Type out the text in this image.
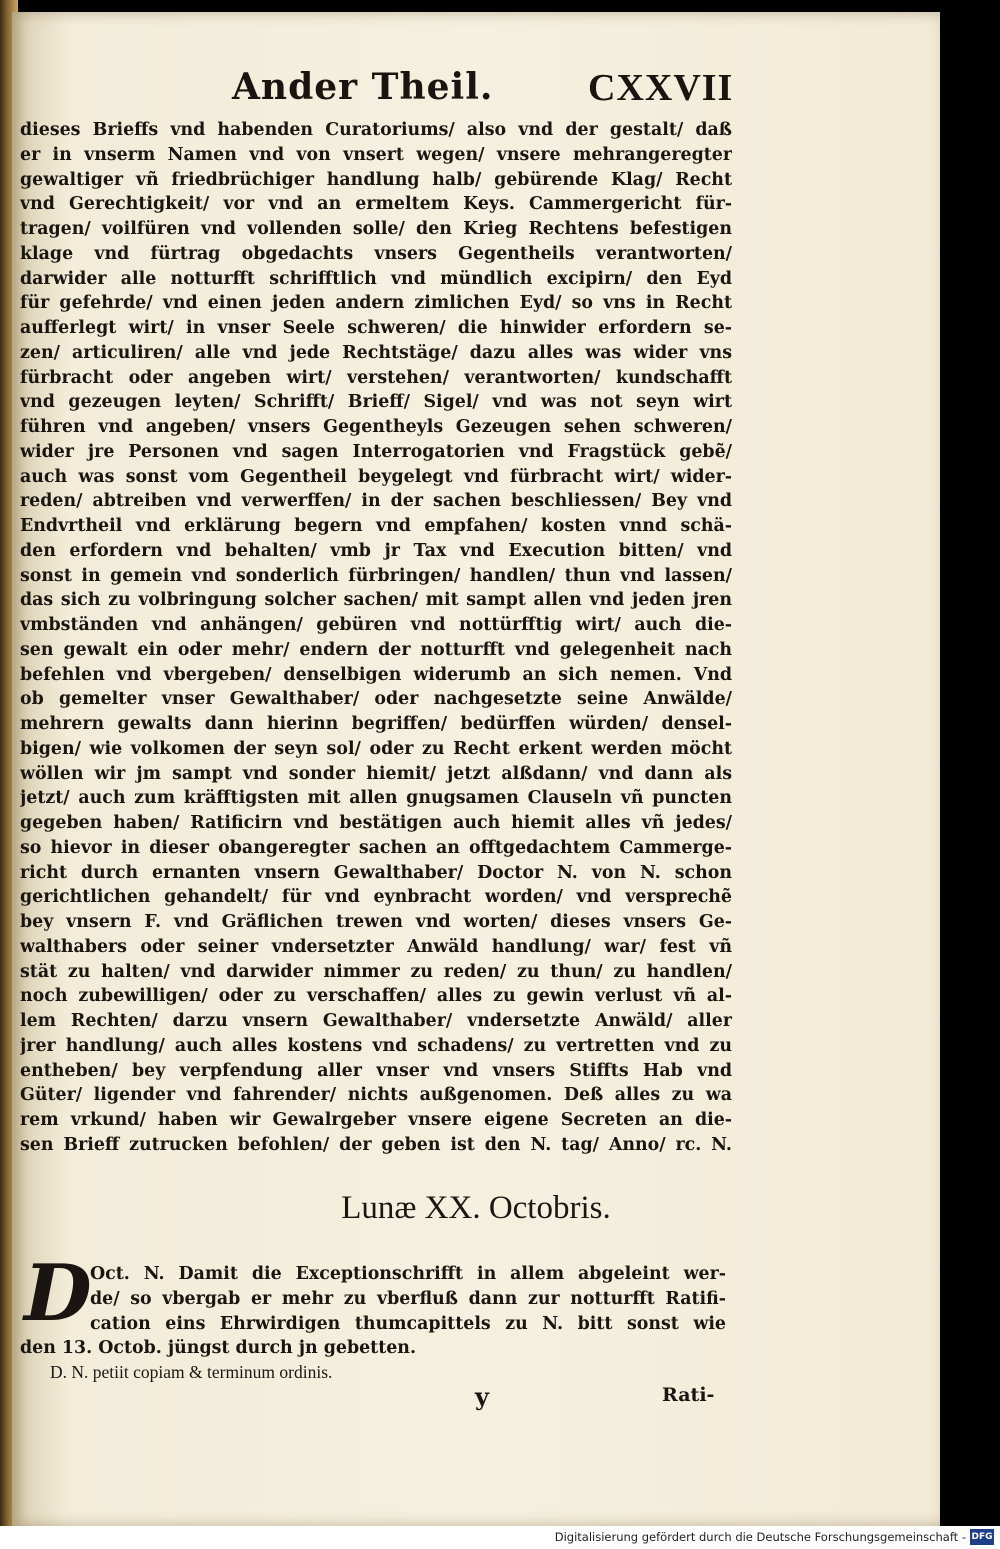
Ander Theil. CXXVII
dieses Brieffs vnd habenden Curatoriums/ also vnd der gestalt/ daß
er in vnserm Namen vnd von vnsert wegen/ vnsere mehrangeregter
gewaltiger vñ friedbrüchiger handlung halb/ gebürende Klag/ Recht
vnd Gerechtigkeit/ vor vnd an ermeltem Keys. Cammergericht für-
tragen/ voilfüren vnd vollenden solle/ den Krieg Rechtens befestigen
klage vnd fürtrag obgedachts vnsers Gegentheils verantworten/
darwider alle notturfft schrifftlich vnd mündlich excipirn/ den Eyd
für gefehrde/ vnd einen jeden andern zimlichen Eyd/ so vns in Recht
aufferlegt wirt/ in vnser Seele schweren/ die hinwider erfordern se-
zen/ articuliren/ alle vnd jede Rechtstäge/ dazu alles was wider vns
fürbracht oder angeben wirt/ verstehen/ verantworten/ kundschafft
vnd gezeugen leyten/ Schrifft/ Brieff/ Sigel/ vnd was not seyn wirt
führen vnd angeben/ vnsers Gegentheyls Gezeugen sehen schweren/
wider jre Personen vnd sagen Interrogatorien vnd Fragstück gebẽ/
auch was sonst vom Gegentheil beygelegt vnd fürbracht wirt/ wider-
reden/ abtreiben vnd verwerffen/ in der sachen beschliessen/ Bey vnd
Endvrtheil vnd erklärung begern vnd empfahen/ kosten vnnd schä-
den erfordern vnd behalten/ vmb jr Tax vnd Execution bitten/ vnd
sonst in gemein vnd sonderlich fürbringen/ handlen/ thun vnd lassen/
das sich zu volbringung solcher sachen/ mit sampt allen vnd jeden jren
vmbständen vnd anhängen/ gebüren vnd nottürfftig wirt/ auch die-
sen gewalt ein oder mehr/ endern der notturfft vnd gelegenheit nach
befehlen vnd vbergeben/ denselbigen widerumb an sich nemen. Vnd
ob gemelter vnser Gewalthaber/ oder nachgesetzte seine Anwälde/
mehrern gewalts dann hierinn begriffen/ bedürffen würden/ densel-
bigen/ wie volkomen der seyn sol/ oder zu Recht erkent werden möcht
wöllen wir jm sampt vnd sonder hiemit/ jetzt alßdann/ vnd dann als
jetzt/ auch zum kräfftigsten mit allen gnugsamen Clauseln vñ puncten
gegeben haben/ Ratificirn vnd bestätigen auch hiemit alles vñ jedes/
so hievor in dieser obangeregter sachen an offtgedachtem Cammerge-
richt durch ernanten vnsern Gewalthaber/ Doctor N. von N. schon
gerichtlichen gehandelt/ für vnd eynbracht worden/ vnd versprechẽ
bey vnsern F. vnd Gräflichen trewen vnd worten/ dieses vnsers Ge-
walthabers oder seiner vndersetzter Anwäld handlung/ war/ fest vñ
stät zu halten/ vnd darwider nimmer zu reden/ zu thun/ zu handlen/
noch zubewilligen/ oder zu verschaffen/ alles zu gewin verlust vñ al-
lem Rechten/ darzu vnsern Gewalthaber/ vndersetzte Anwäld/ aller
jrer handlung/ auch alles kostens vnd schadens/ zu vertretten vnd zu
entheben/ bey verpfendung aller vnser vnd vnsers Stiffts Hab vnd
Güter/ ligender vnd fahrender/ nichts außgenomen. Deß alles zu wa
rem vrkund/ haben wir Gewalrgeber vnsere eigene Secreten an die-
sen Brieff zutrucken befohlen/ der geben ist den N. tag/ Anno/ rc. N.
Lunæ XX. Octobris.
D
Oct. N. Damit die Exceptionschrifft in allem abgeleint wer-
de/ so vbergab er mehr zu vberfluß dann zur notturfft Ratifi-
cation eins Ehrwirdigen thumcapittels zu N. bitt sonst wie
den 13. Octob. jüngst durch jn gebetten.
D. N. petiit copiam & terminum ordinis.
y	Rati-
Digitalisierung gefördert durch die Deutsche Forschungsgemeinschaft - DFG
